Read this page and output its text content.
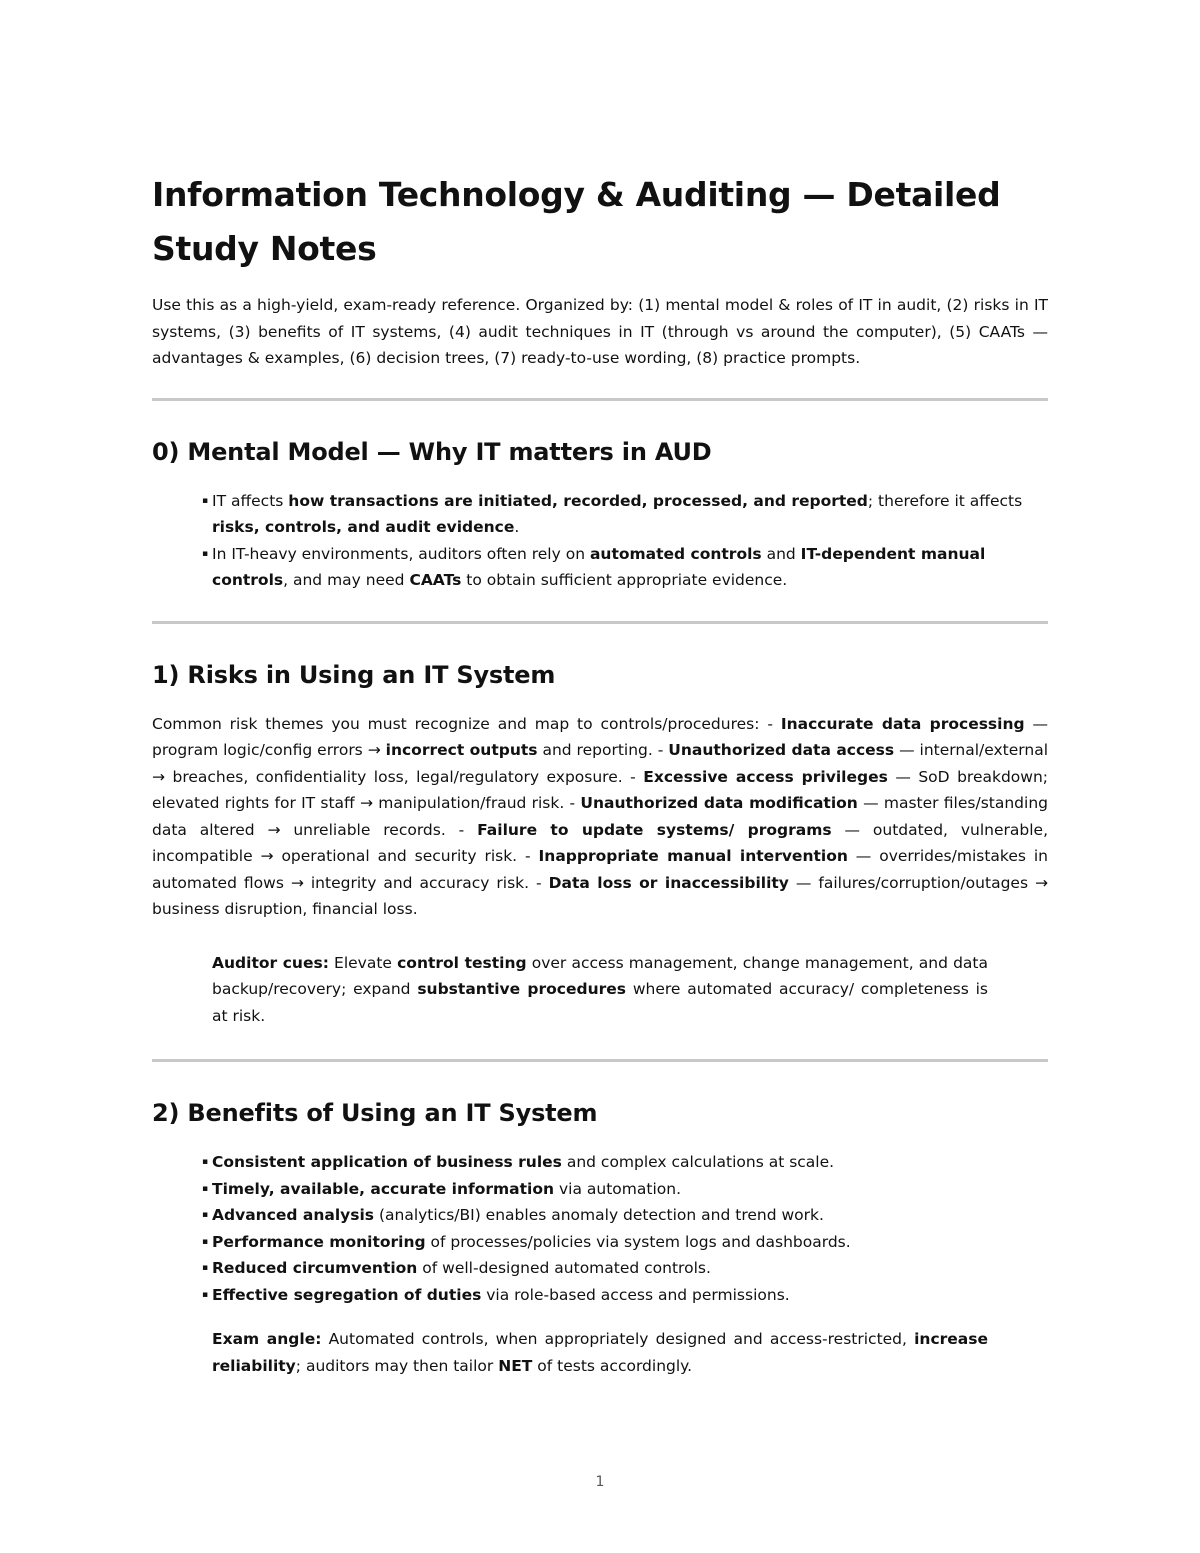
Information Technology & Auditing — Detailed Study Notes

Use this as a high-yield, exam-ready reference. Organized by: (1) mental model & roles of IT in audit, (2) risks in IT systems, (3) benefits of IT systems, (4) audit techniques in IT (through vs around the computer), (5) CAATs — advantages & examples, (6) decision trees, (7) ready-to-use wording, (8) practice prompts.

0) Mental Model — Why IT matters in AUD
▪ IT affects how transactions are initiated, recorded, processed, and reported; therefore it affects risks, controls, and audit evidence.
▪ In IT-heavy environments, auditors often rely on automated controls and IT-dependent manual controls, and may need CAATs to obtain sufficient appropriate evidence.
1) Risks in Using an IT System

Common risk themes you must recognize and map to controls/procedures: - Inaccurate data processing — program logic/config errors → incorrect outputs and reporting. - Unauthorized data access — internal/external → breaches, confidentiality loss, legal/regulatory exposure. - Excessive access privileges — SoD breakdown; elevated rights for IT staff → manipulation/fraud risk. - Unauthorized data modification — master files/standing data altered → unreliable records. - Failure to update systems/ programs — outdated, vulnerable, incompatible → operational and security risk. - Inappropriate manual intervention — overrides/mistakes in automated flows → integrity and accuracy risk. - Data loss or inaccessibility — failures/corruption/outages → business disruption, financial loss.

Auditor cues: Elevate control testing over access management, change management, and data backup/recovery; expand substantive procedures where automated accuracy/ completeness is at risk.
2) Benefits of Using an IT System
▪ Consistent application of business rules and complex calculations at scale.
▪ Timely, available, accurate information via automation.
▪ Advanced analysis (analytics/BI) enables anomaly detection and trend work.
▪ Performance monitoring of processes/policies via system logs and dashboards.
▪ Reduced circumvention of well-designed automated controls.
▪ Effective segregation of duties via role-based access and permissions.
Exam angle: Automated controls, when appropriately designed and access-restricted, increase reliability; auditors may then tailor NET of tests accordingly.
1
